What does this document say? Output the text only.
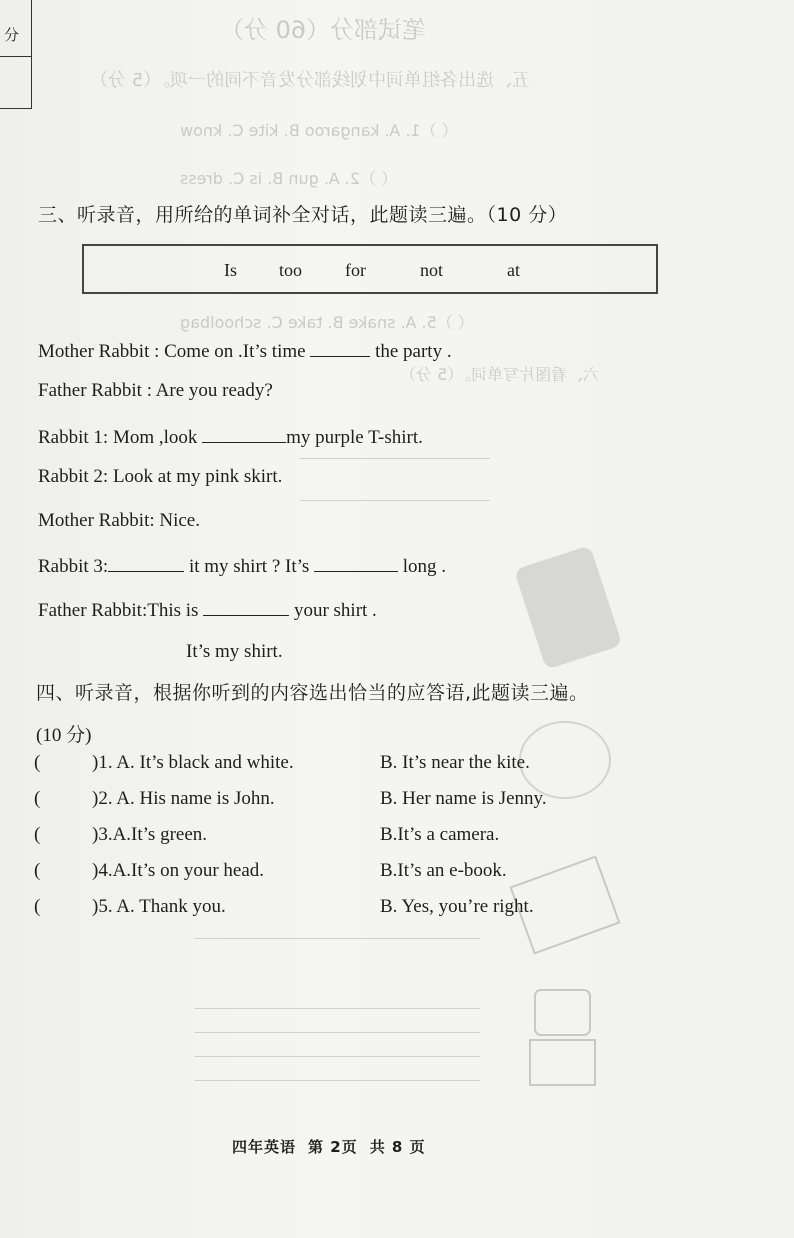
笔试部分（60 分）
五、选出各组单词中划线部分发音不同的一项。（5 分）
（ ）1. A. kangaroo B. kite C. know
（ ）2. A. gun B. is C. dress
（ ）5. A. snake B. take C. schoolbag
六、看图片写单词。（5 分）
分
三、听录音，用所给的单词补全对话，此题读三遍。（10 分）
Is too for	not	at
Mother Rabbit : Come on .It’s time	the party .
Father Rabbit : Are you ready?
Rabbit 1: Mom ,look	my purple T-shirt.
Rabbit 2: Look at my pink skirt.
Mother Rabbit: Nice.
Rabbit 3:	it my shirt ? It’s	long .
Father Rabbit:This is	your shirt .
It’s my shirt.
四、听录音，根据你听到的内容选出恰当的应答语,此题读三遍。
(10 分)
(	)1. A. It’s black and white.	B. It’s near the kite.
(	)2. A. His name is John.	B. Her name is Jenny.
(	)3.A.It’s green.	B.It’s a camera.
(	)4.A.It’s on your head.	B.It’s an e-book.
(	)5. A. Thank you.	B. Yes, you’re right.
四年英语 第 2页 共 8 页
